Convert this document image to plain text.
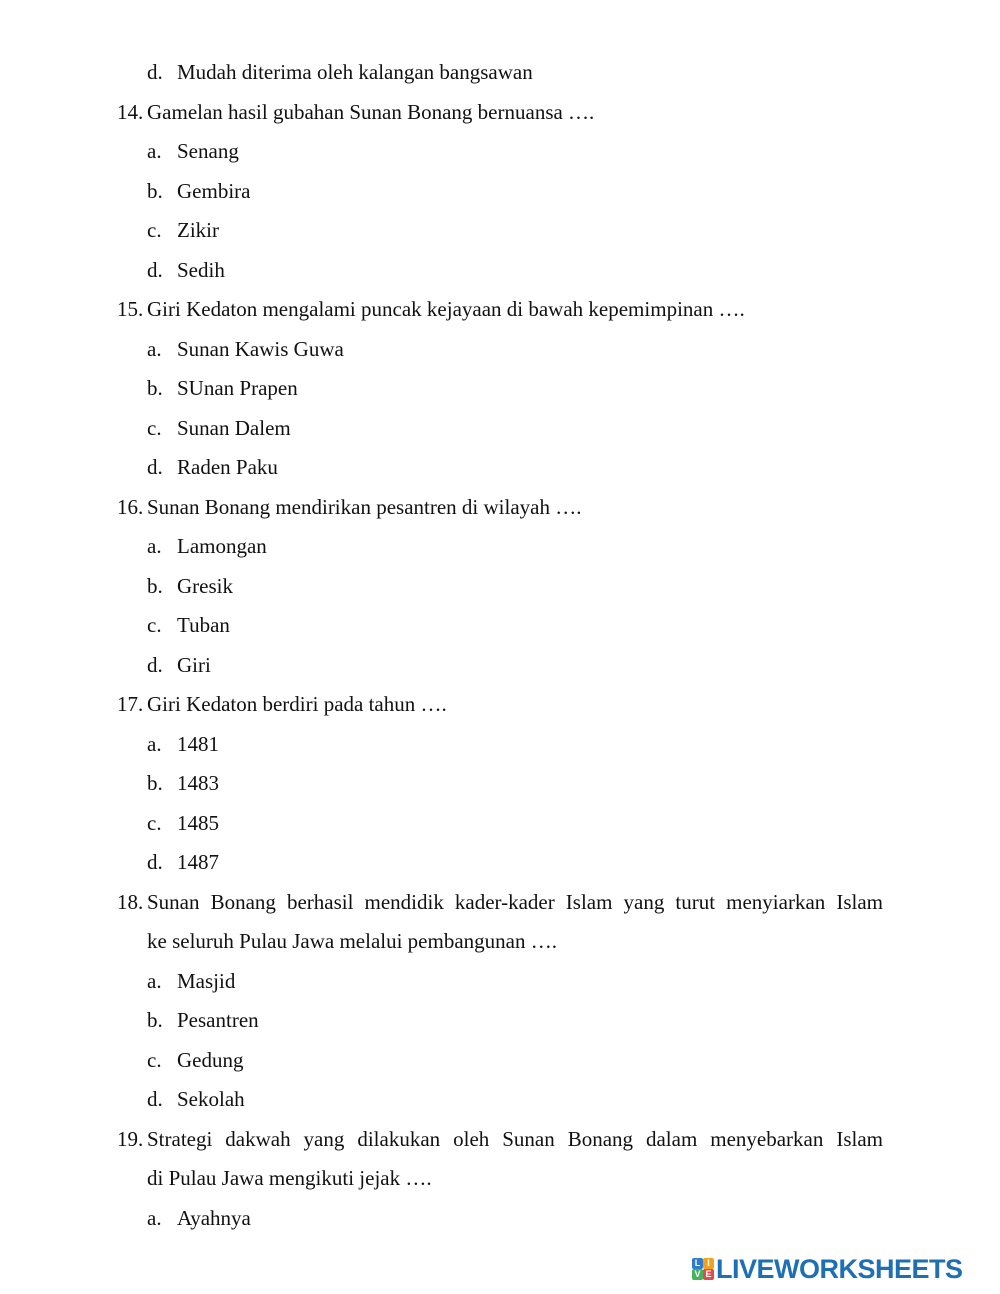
d. Mudah diterima oleh kalangan bangsawan
14. Gamelan hasil gubahan Sunan Bonang bernuansa ….
a. Senang
b. Gembira
c. Zikir
d. Sedih
15. Giri Kedaton mengalami puncak kejayaan di bawah kepemimpinan ….
a. Sunan Kawis Guwa
b. SUnan Prapen
c. Sunan Dalem
d. Raden Paku
16. Sunan Bonang mendirikan pesantren di wilayah ….
a. Lamongan
b. Gresik
c. Tuban
d. Giri
17. Giri Kedaton berdiri pada tahun ….
a. 1481
b. 1483
c. 1485
d. 1487
18. Sunan Bonang berhasil mendidik kader-kader Islam yang turut menyiarkan Islam
ke seluruh Pulau Jawa melalui pembangunan ….
a. Masjid
b. Pesantren
c. Gedung
d. Sekolah
19. Strategi dakwah yang dilakukan oleh Sunan Bonang dalam menyebarkan Islam
di Pulau Jawa mengikuti jejak ….
a. Ayahnya
L I
V E LIVEWORKSHEETS
